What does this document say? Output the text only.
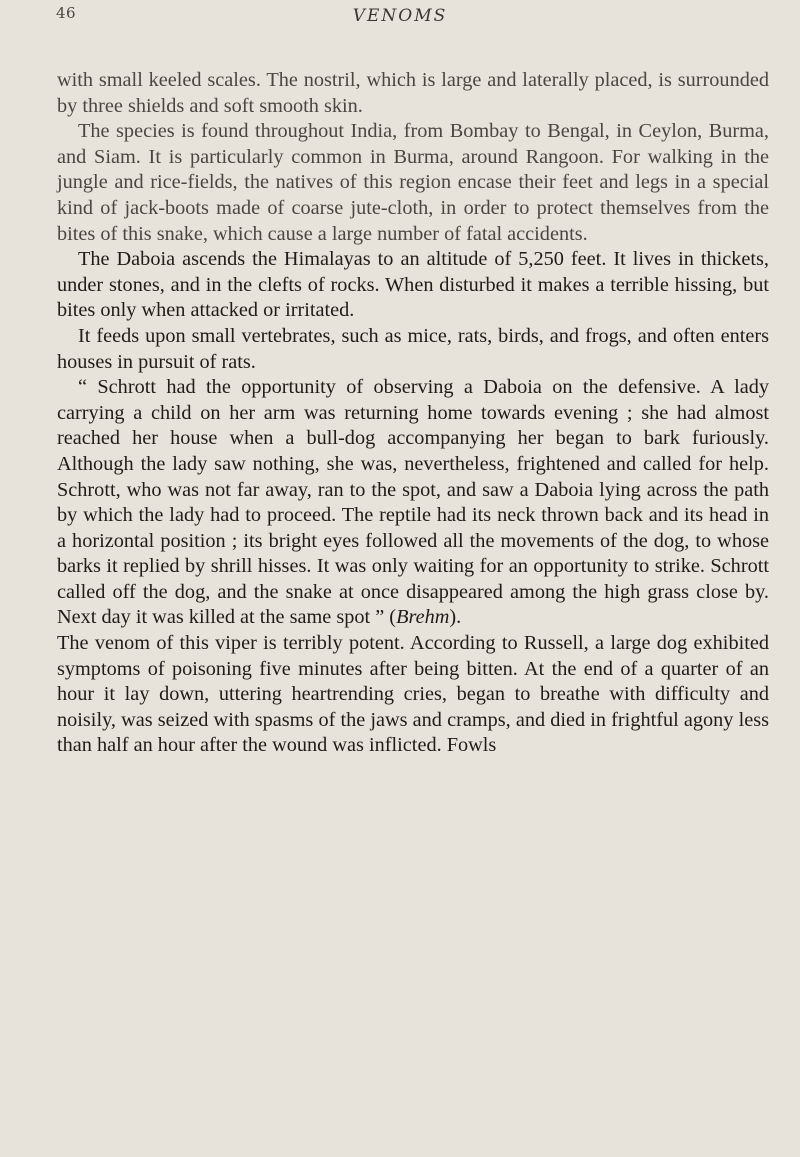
46	VENOMS

with small keeled scales. The nostril, which is large and laterally placed, is surrounded by three shields and soft smooth skin.

The species is found throughout India, from Bombay to Bengal, in Ceylon, Burma, and Siam. It is particularly common in Burma, around Rangoon. For walking in the jungle and rice-fields, the natives of this region encase their feet and legs in a special kind of jack-boots made of coarse jute-cloth, in order to protect themselves from the bites of this snake, which cause a large number of fatal accidents.

The Daboia ascends the Himalayas to an altitude of 5,250 feet. It lives in thickets, under stones, and in the clefts of rocks. When disturbed it makes a terrible hissing, but bites only when attacked or irritated.

It feeds upon small vertebrates, such as mice, rats, birds, and frogs, and often enters houses in pursuit of rats.

“ Schrott had the opportunity of observing a Daboia on the defensive. A lady carrying a child on her arm was returning home towards evening ; she had almost reached her house when a bull-dog accompanying her began to bark furiously. Although the lady saw nothing, she was, nevertheless, frightened and called for help. Schrott, who was not far away, ran to the spot, and saw a Daboia lying across the path by which the lady had to proceed. The reptile had its neck thrown back and its head in a horizontal position ; its bright eyes followed all the movements of the dog, to whose barks it replied by shrill hisses. It was only waiting for an opportunity to strike. Schrott called off the dog, and the snake at once disappeared among the high grass close by. Next day it was killed at the same spot ” (Brehm).

The venom of this viper is terribly potent. According to Russell, a large dog exhibited symptoms of poisoning five minutes after being bitten. At the end of a quarter of an hour it lay down, uttering heartrending cries, began to breathe with difficulty and noisily, was seized with spasms of the jaws and cramps, and died in frightful agony less than half an hour after the wound was inflicted. Fowls
